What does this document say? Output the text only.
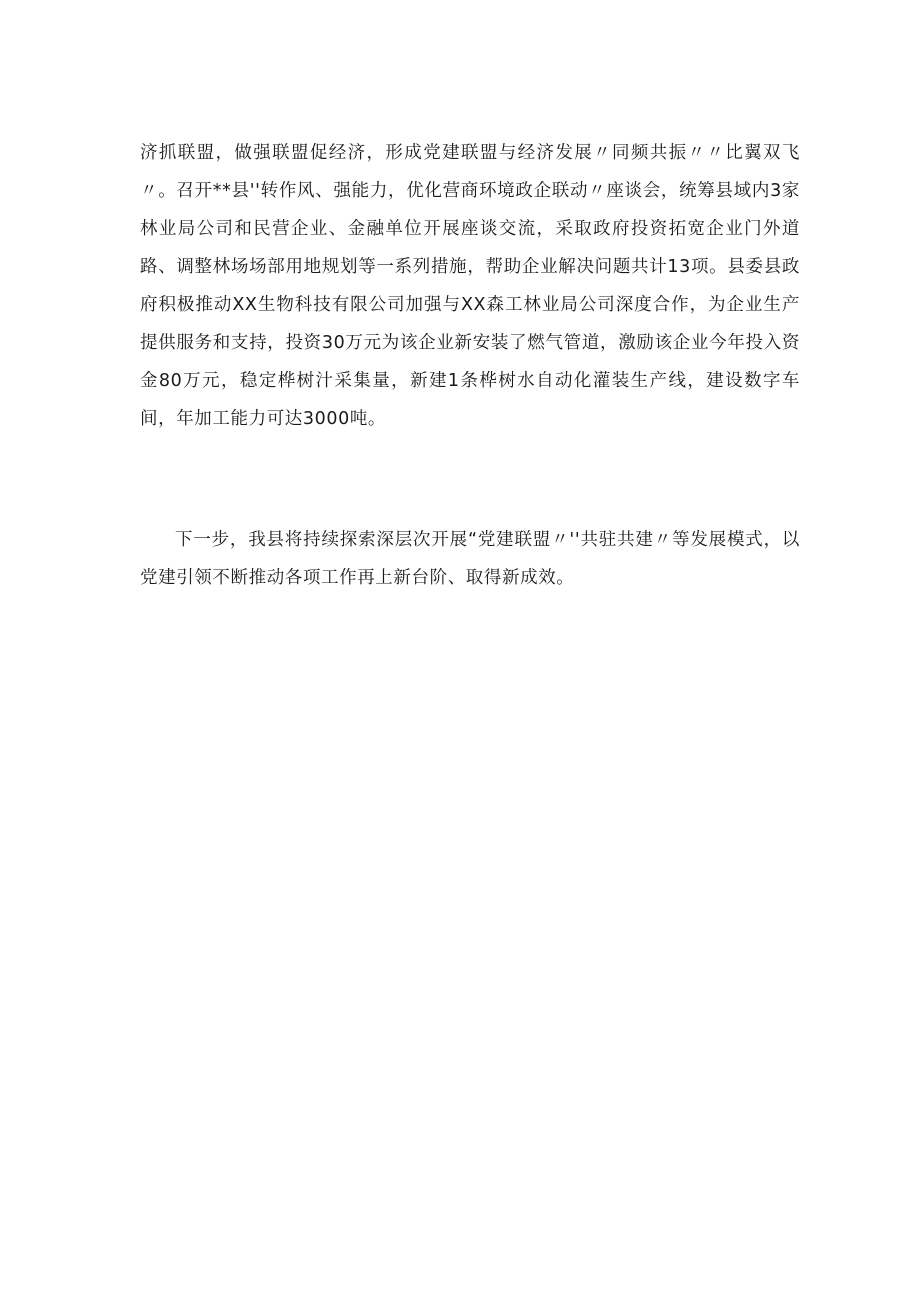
济抓联盟，做强联盟促经济，形成党建联盟与经济发展〃同频共振〃〃比翼双飞〃。召开**县''转作风、强能力，优化营商环境政企联动〃座谈会，统筹县域内3家林业局公司和民营企业、金融单位开展座谈交流，采取政府投资拓宽企业门外道路、调整林场场部用地规划等一系列措施，帮助企业解决问题共计13项。县委县政府积极推动XX生物科技有限公司加强与XX森工林业局公司深度合作，为企业生产提供服务和支持，投资30万元为该企业新安装了燃气管道，激励该企业今年投入资金80万元，稳定桦树汁采集量，新建1条桦树水自动化灌装生产线，建设数字车间，年加工能力可达3000吨。

下一步，我县将持续探索深层次开展“党建联盟〃''共驻共建〃等发展模式，以党建引领不断推动各项工作再上新台阶、取得新成效。
